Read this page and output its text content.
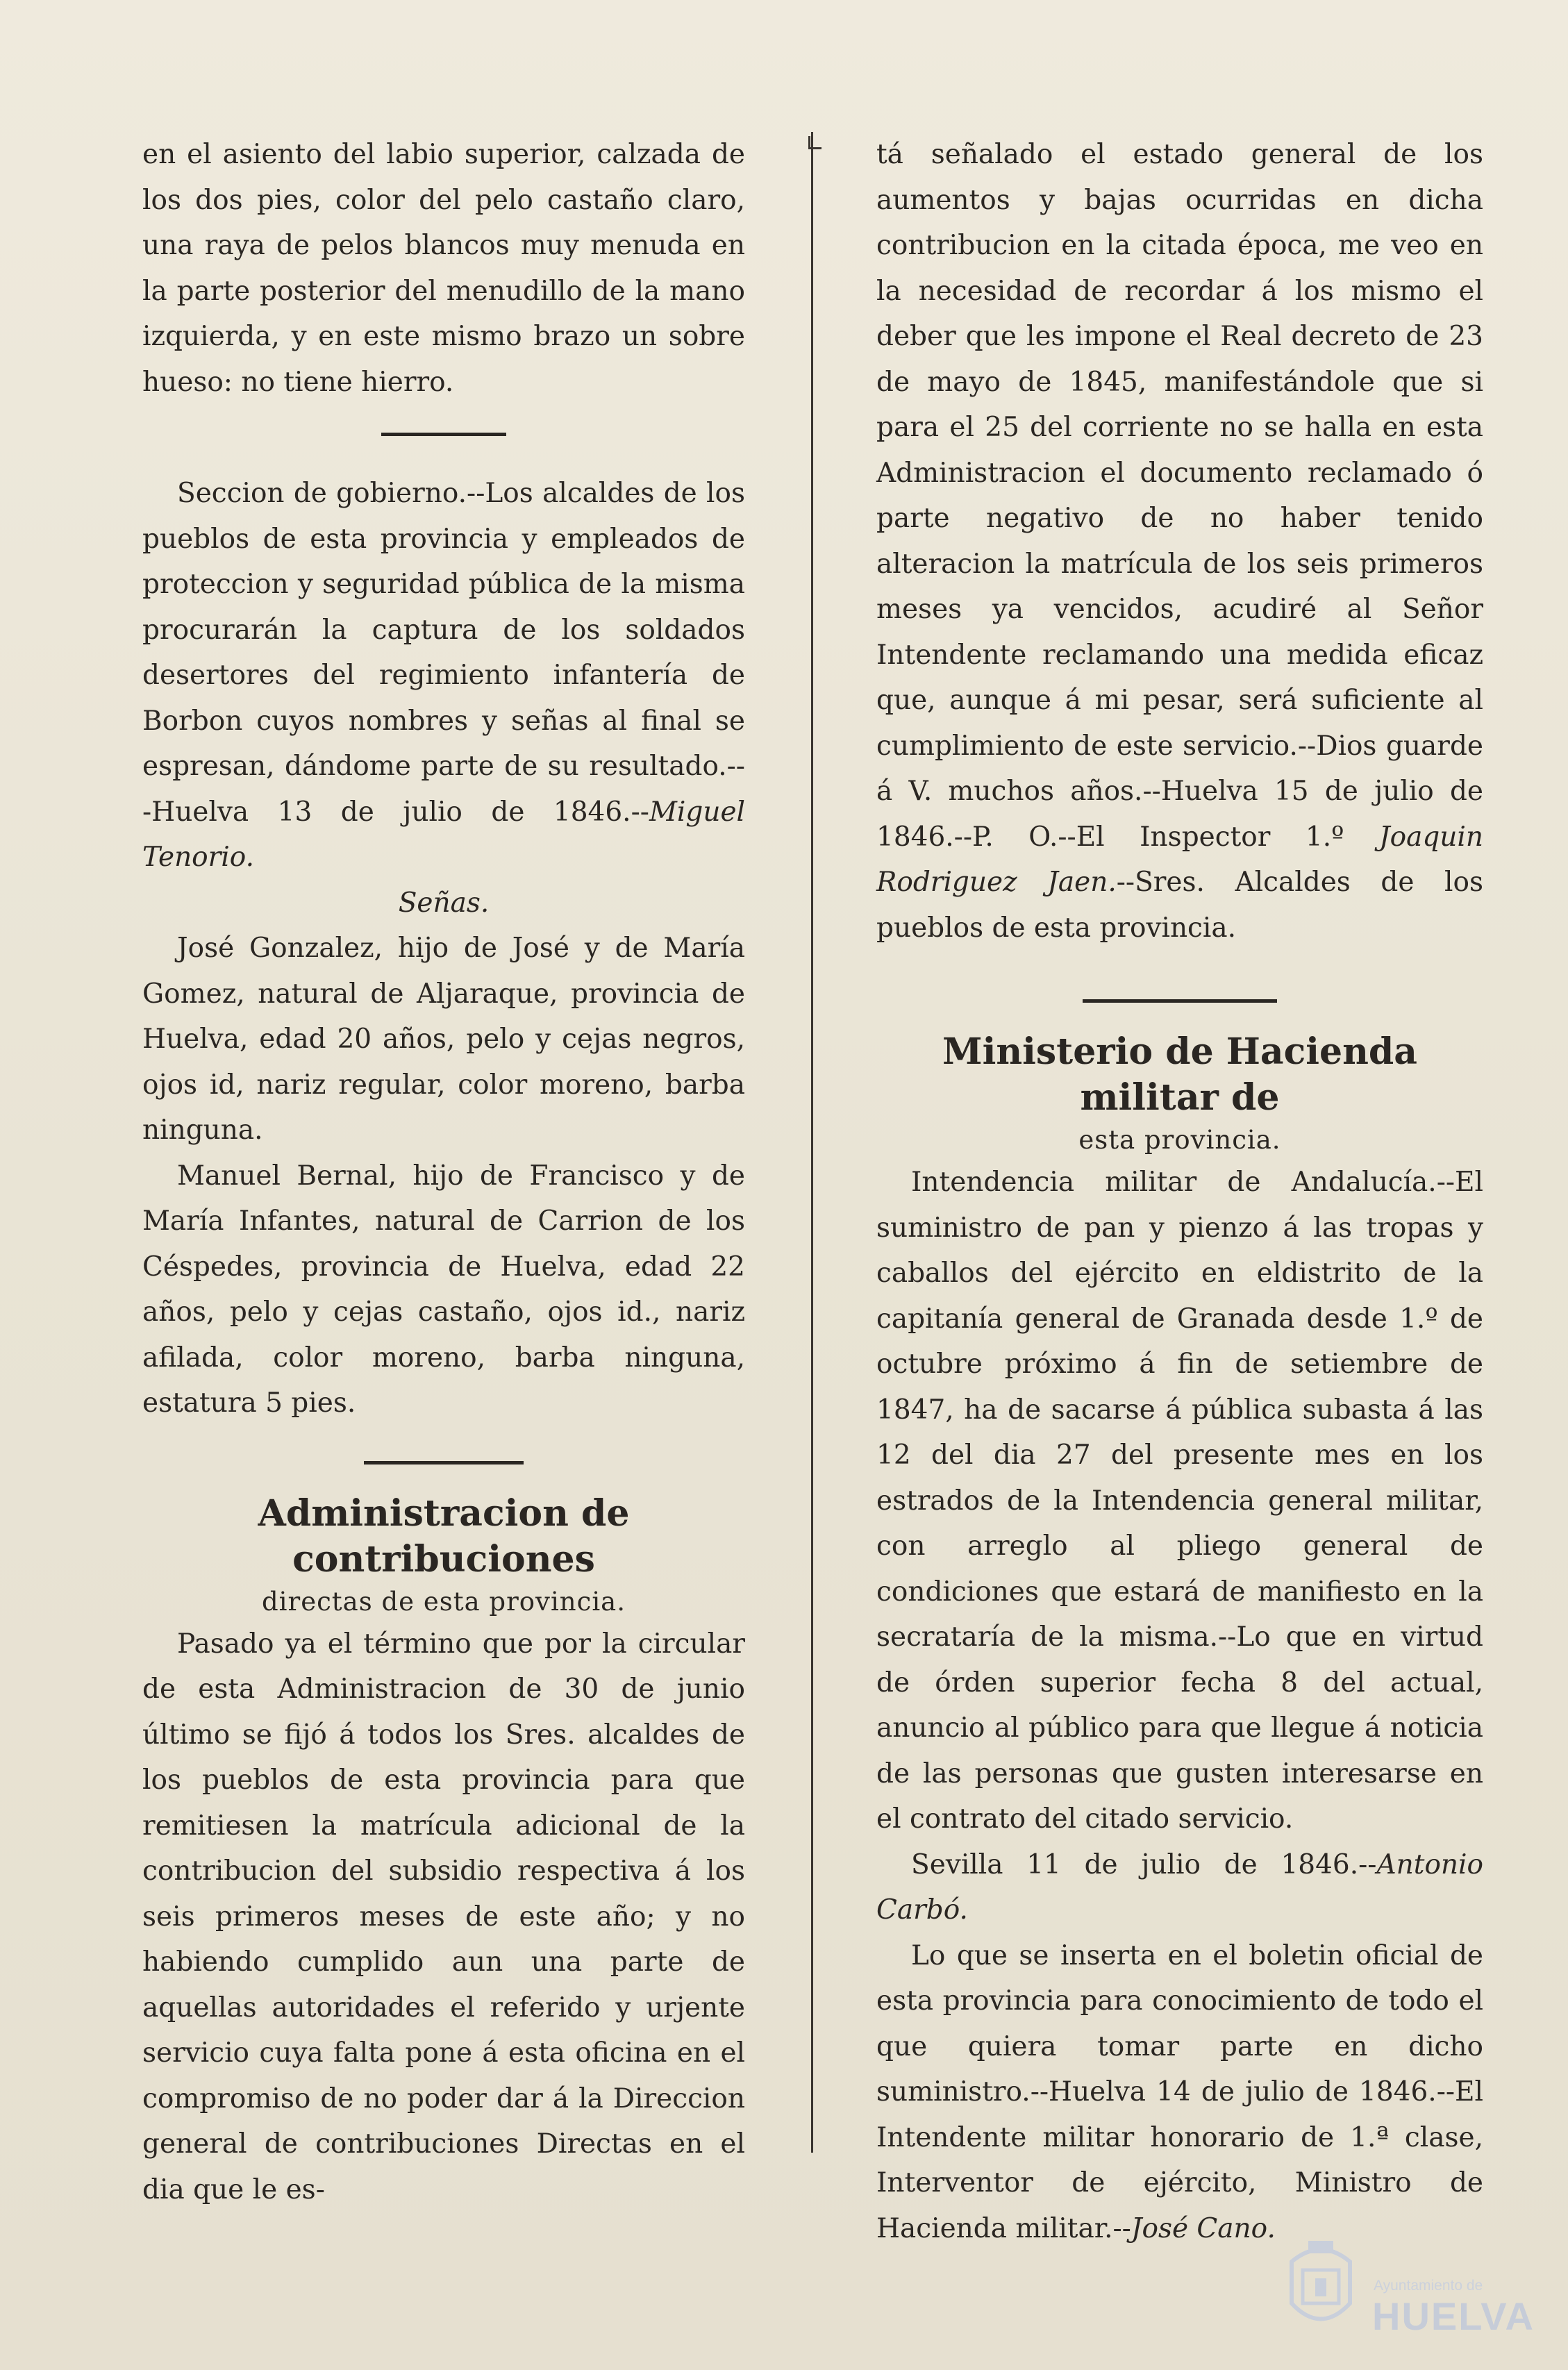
en el asiento del labio superior, calzada de los dos pies, color del pelo castaño claro, una raya de pelos blancos muy menuda en la parte posterior del menudillo de la mano izquierda, y en este mismo brazo un sobre hueso: no tiene hierro.

Seccion de gobierno.--Los alcaldes de los pueblos de esta provincia y empleados de proteccion y seguridad pública de la misma procurarán la captura de los soldados desertores del regimiento infantería de Borbon cuyos nombres y señas al final se espresan, dándome parte de su resultado.---Huelva 13 de julio de 1846.--Miguel Tenorio.

Señas.

José Gonzalez, hijo de José y de María Gomez, natural de Aljaraque, provincia de Huelva, edad 20 años, pelo y cejas negros, ojos id, nariz regular, color moreno, barba ninguna.

Manuel Bernal, hijo de Francisco y de María Infantes, natural de Carrion de los Céspedes, provincia de Huelva, edad 22 años, pelo y cejas castaño, ojos id., nariz afilada, color moreno, barba ninguna, estatura 5 pies.

Administracion de contribuciones

directas de esta provincia.

Pasado ya el término que por la circular de esta Administracion de 30 de junio último se fijó á todos los Sres. alcaldes de los pueblos de esta provincia para que remitiesen la matrícula adicional de la contribucion del subsidio respectiva á los seis primeros meses de este año; y no habiendo cumplido aun una parte de aquellas autoridades el referido y urjente servicio cuya falta pone á esta oficina en el compromiso de no poder dar á la Direccion general de contribuciones Directas en el dia que le es-

tá señalado el estado general de los aumentos y bajas ocurridas en dicha contribucion en la citada época, me veo en la necesidad de recordar á los mismo el deber que les impone el Real decreto de 23 de mayo de 1845, manifestándole que si para el 25 del corriente no se halla en esta Administracion el documento reclamado ó parte negativo de no haber tenido alteracion la matrícula de los seis primeros meses ya vencidos, acudiré al Señor Intendente reclamando una medida eficaz que, aunque á mi pesar, será suficiente al cumplimiento de este servicio.--Dios guarde á V. muchos años.--Huelva 15 de julio de 1846.--P. O.--El Inspector 1.º Joaquin Rodriguez Jaen.--Sres. Alcaldes de los pueblos de esta provincia.

Ministerio de Hacienda militar de

esta provincia.

Intendencia militar de Andalucía.--El suministro de pan y pienzo á las tropas y caballos del ejército en eldistrito de la capitanía general de Granada desde 1.º de octubre próximo á fin de setiembre de 1847, ha de sacarse á pública subasta á las 12 del dia 27 del presente mes en los estrados de la Intendencia general militar, con arreglo al pliego general de condiciones que estará de manifiesto en la secrataría de la misma.--Lo que en virtud de órden superior fecha 8 del actual, anuncio al público para que llegue á noticia de las personas que gusten interesarse en el contrato del citado servicio.

Sevilla 11 de julio de 1846.--Antonio Carbó.

Lo que se inserta en el boletin oficial de esta provincia para conocimiento de todo el que quiera tomar parte en dicho suministro.--Huelva 14 de julio de 1846.--El Intendente militar honorario de 1.ª clase, Interventor de ejército, Ministro de Hacienda militar.--José Cano.

Ayuntamiento de
HUELVA
